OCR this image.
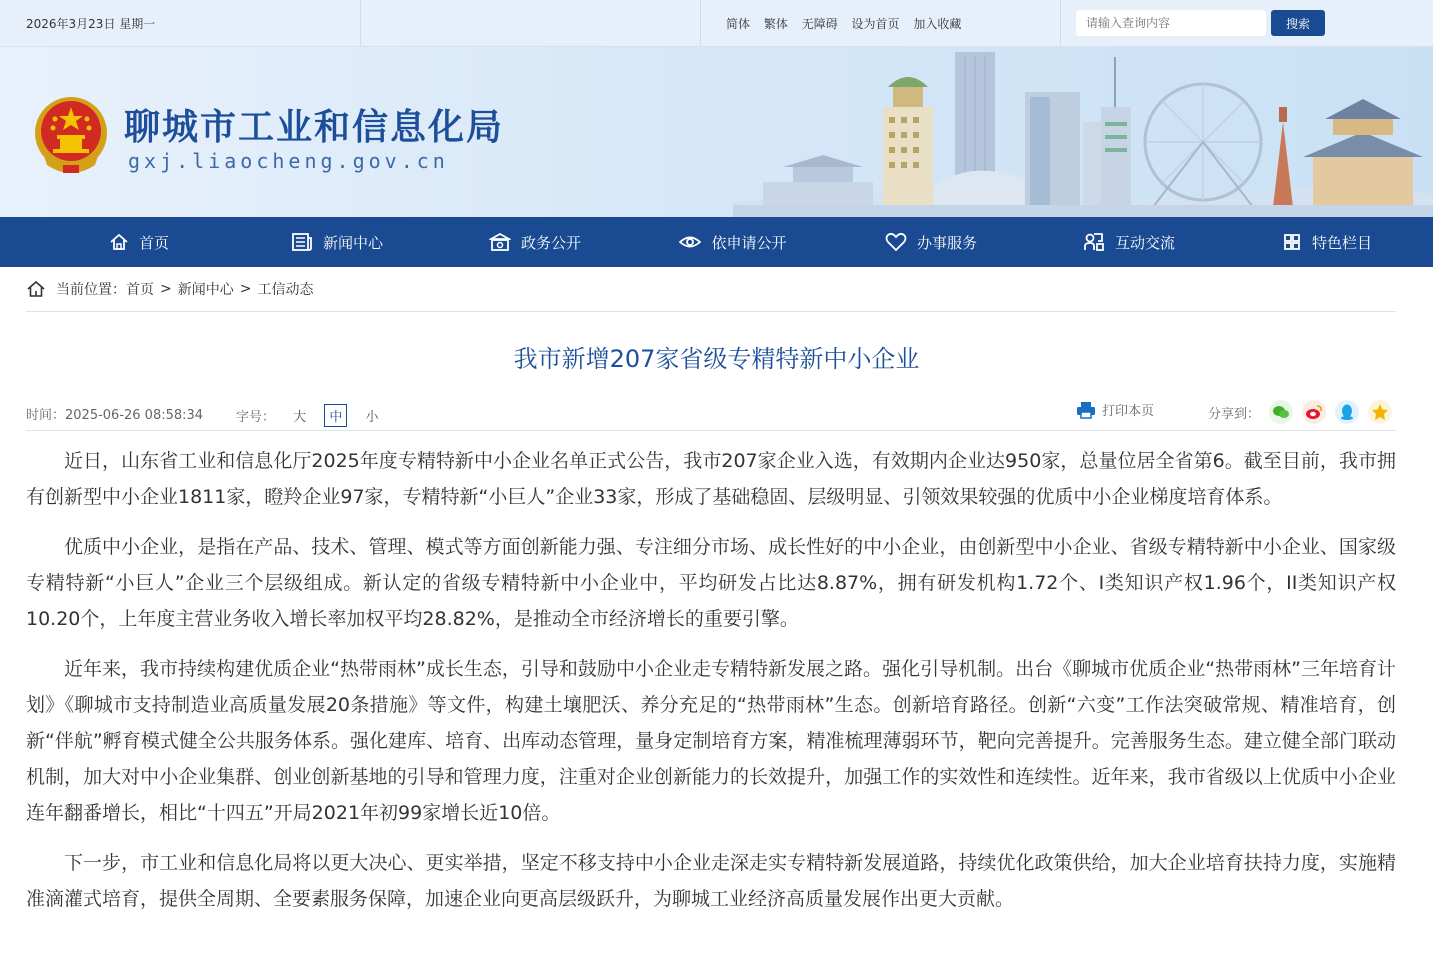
2026年3月23日 星期一	简体 繁体 无障碍 设为首页 加入收藏
请输入查询内容	搜索
聊城市工业和信息化局
gxj.liaocheng.gov.cn
首页	新闻中心	政务公开	依申请公开	办事服务	互动交流	特色栏目
当前位置： 首页 > 新闻中心 > 工信动态
我市新增207家省级专精特新中小企业
时间：2025-06-26 08:58:34	字号： 大 中 小	打印本页	分享到：

近日，山东省工业和信息化厅2025年度专精特新中小企业名单正式公告，我市207家企业入选，有效期内企业达950家，总量位居全省第6。截至目前，我市拥有创新型中小企业1811家，瞪羚企业97家，专精特新“小巨人”企业33家，形成了基础稳固、层级明显、引领效果较强的优质中小企业梯度培育体系。

优质中小企业，是指在产品、技术、管理、模式等方面创新能力强、专注细分市场、成长性好的中小企业，由创新型中小企业、省级专精特新中小企业、国家级专精特新“小巨人”企业三个层级组成。新认定的省级专精特新中小企业中，平均研发占比达8.87%，拥有研发机构1.72个、I类知识产权1.96个，II类知识产权10.20个，上年度主营业务收入增长率加权平均28.82%，是推动全市经济增长的重要引擎。

近年来，我市持续构建优质企业“热带雨林”成长生态，引导和鼓励中小企业走专精特新发展之路。强化引导机制。出台《聊城市优质企业“热带雨林”三年培育计划》《聊城市支持制造业高质量发展20条措施》等文件，构建土壤肥沃、养分充足的“热带雨林”生态。创新培育路径。创新“六变”工作法突破常规、精准培育，创新“伴航”孵育模式健全公共服务体系。强化建库、培育、出库动态管理，量身定制培育方案，精准梳理薄弱环节，靶向完善提升。完善服务生态。建立健全部门联动机制，加大对中小企业集群、创业创新基地的引导和管理力度，注重对企业创新能力的长效提升，加强工作的实效性和连续性。近年来，我市省级以上优质中小企业连年翻番增长，相比“十四五”开局2021年初99家增长近10倍。

下一步，市工业和信息化局将以更大决心、更实举措，坚定不移支持中小企业走深走实专精特新发展道路，持续优化政策供给，加大企业培育扶持力度，实施精准滴灌式培育，提供全周期、全要素服务保障，加速企业向更高层级跃升，为聊城工业经济高质量发展作出更大贡献。
